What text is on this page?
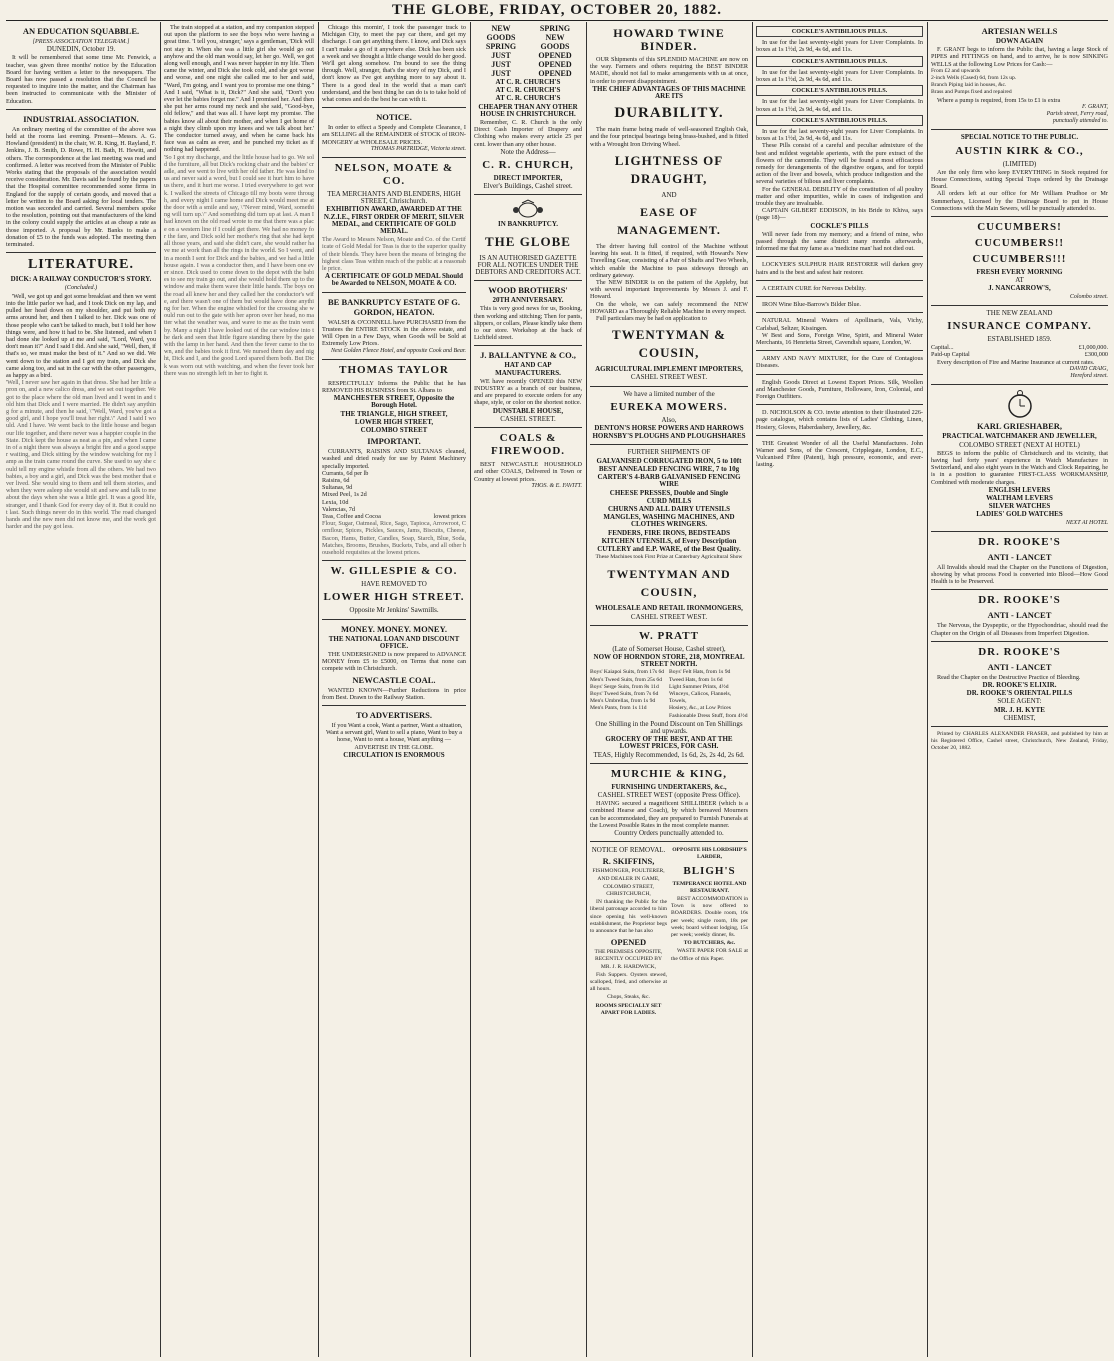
THE GLOBE, FRIDAY, OCTOBER 20, 1882.
AN EDUCATION SQUABBLE.
[PRESS ASSOCIATION TELEGRAM.]
DUNEDIN, October 19.

It will be remembered that some time Mr. Fenwick, a teacher, was given three months' notice by the Education Board for having written a letter to the newspapers. The Board has now passed a resolution that the Council be requested to inquire into the matter, and the Chairman has been instructed to communicate with the Minister of Education.

INDUSTRIAL ASSOCIATION.

An ordinary meeting of the committee of the above was held at the rooms last evening. Present—Messrs. A. G. Howland (president) in the chair, W. R. King, H. Rayland, F. Jenkins, J. B. Smith, D. Rowe, H. H. Bath, H. Hewitt, and others. The correspondence at the last meeting was read and confirmed. A letter was received from the Minister of Public Works stating that the proposals of the association would receive consideration. Mr. Davis said he found by the papers that the Hospital committee recommended some firms in England for the supply of certain goods, and moved that a letter be written to the Board asking for local tenders. The motion was seconded and carried. Several members spoke to the resolution, pointing out that manufacturers of the kind in the colony could supply the articles at as cheap a rate as those imported. A proposal by Mr. Banks to make a donation of £5 to the funds was adopted. The meeting then terminated.

LITERATURE.
DICK: A RAILWAY CONDUCTOR'S STORY.
(Concluded.)

'Well, we got up and got some breakfast and then we went into the little parlor we had, and I took Dick on my lap, and pulled her head down on my shoulder, and put both my arms around her, and then I talked to her. Dick was one of those people who can't be talked to much, but I told her how things were, and how it had to be. She listened, and when I had done she looked up at me and said, "Lord, Ward, you don't mean it?" And I said I did. And she said, "Well, then, if that's so, we must make the best of it." And so we did. We went down to the station and I got my train, and Dick she came along too, and sat in the car with the other passengers, as happy as a bird.

'Well, I never saw her again in that dress. She had her little apron on, and a new calico dress, and we set out together. We got to the place where the old man lived and I went in and told him that Dick and I were married. He didn't say anything for a minute, and then he said, \"Well, Ward, you've got a good girl, and I hope you'll treat her right.\" And I said I would. And I have. We went back to the little house and began our life together, and there never was a happier couple in the State. Dick kept the house as neat as a pin, and when I came in of a night there was always a bright fire and a good supper waiting, and Dick sitting by the window watching for my lamp as the train came round the curve. She used to say she could tell my engine whistle from all the others. We had two babies, a boy and a girl, and Dick was the best mother that ever lived. She would sing to them and tell them stories, and when they were asleep she would sit and sew and talk to me about the days when she was a little girl. It was a good life, stranger, and I thank God for every day of it. But it could not last. Such things never do in this world. The road changed hands and the new men did not know me, and the work got harder and the pay got less.

The train stopped at a station, and my companion stepped out upon the platform to see the boys who were having a great time. 'I tell you, stranger,' says a gentleman, 'Dick will not stay in. When she was a little girl she would go out anyhow and the old man would say, let her go. Well, we got along well enough, and I was never happier in my life. Then came the winter, and Dick she took cold, and she got worse and worse, and one night she called me to her and said, "Ward, I'm going, and I want you to promise me one thing." And I said, "What is it, Dick?" And she said, "Don't you ever let the babies forget me." And I promised her. And then she put her arms round my neck and she said, "Good-bye, old fellow," and that was all. I have kept my promise. The babies know all about their mother, and when I get home of a night they climb upon my knees and we talk about her.' The conductor turned away, and when he came back his face was as calm as ever, and he punched my ticket as if nothing had happened.

'So I got my discharge, and the little house had to go. We sold the furniture, all but Dick's rocking chair and the babies' cradle, and we went to live with her old father. He was kind to us and never said a word, but I could see it hurt him to have us there, and it hurt me worse. I tried everywhere to get work. I walked the streets of Chicago till my boots were through, and every night I came home and Dick would meet me at the door with a smile and say, \"Never mind, Ward, something will turn up.\" And something did turn up at last. A man I had known on the old road wrote to me that there was a place on a western line if I could get there. We had no money for the fare, and Dick sold her mother's ring that she had kept all those years, and said she didn't care, she would rather have me at work than all the rings in the world. So I went, and in a month I sent for Dick and the babies, and we had a little house again. I was a conductor then, and I have been one ever since. Dick used to come down to the depot with the babies to see my train go out, and she would hold them up to the window and make them wave their little hands. The boys on the road all knew her and they called her the conductor's wife, and there wasn't one of them but would have done anything for her. When the engine whistled for the crossing she would run out to the gate with her apron over her head, no matter what the weather was, and wave to me as the train went by. Many a night I have looked out of the car window into the dark and seen that little figure standing there by the gate with the lamp in her hand. And then the fever came to the town, and the babies took it first. We nursed them day and night, Dick and I, and the good Lord spared them both. But Dick was worn out with watching, and when the fever took her there was no strength left in her to fight it.

Chicago this mornin', I took the passenger track to Michigan City, to meet the pay car there, and get my discharge. I can get anything there. I know, and Dick says I can't make a go of it anywhere else. Dick has been sick a week and we thought a little change would do her good. We'll get along somehow. I'm bound to see the thing through. Well, stranger, that's the story of my Dick, and I don't know as I've got anything more to say about it. There is a good deal in the world that a man can't understand, and the best thing he can do is to take hold of what comes and do the best he can with it.

NOTICE.

In order to effect a Speedy and Complete Clearance, I am SELLING all the REMAINDER of STOCK of IRON-MONGERY at WHOLESALE PRICES.

THOMAS PARTRIDGE, Victoria street.
NELSON, MOATE & CO.
TEA MERCHANTS AND BLENDERS, HIGH STREET, Christchurch.
EXHIBITION AWARD, AWARDED AT THE N.Z.I.E., FIRST ORDER OF MERIT, SILVER MEDAL, and CERTIFICATE OF GOLD MEDAL.

The Award to Messrs Nelson, Moate and Co. of the Certificate of Gold Medal for Teas is due to the superior quality of their blends. They have been the means of bringing the highest class Teas within reach of the public at a reasonable price.

A CERTIFICATE OF GOLD MEDAL Should be Awarded to NELSON, MOATE & CO.
BE BANKRUPTCY ESTATE OF G. GORDON, HEATON.

WALSH & O'CONNELL have PURCHASED from the Trustees the ENTIRE STOCK in the above estate, and Will Open in a Few Days, when Goods will be Sold at Extremely Low Prices.

Next Golden Fleece Hotel, and opposite Cook and Bear.
THOMAS TAYLOR

RESPECTFULLY Informs the Public that he has REMOVED HIS BUSINESS from St. Albans to

MANCHESTER STREET, Opposite the Borough Hotel.
THE TRIANGLE, HIGH STREET,
LOWER HIGH STREET,
COLOMBO STREET
IMPORTANT.

CURRANTS, RAISINS AND SULTANAS cleaned, washed and dried ready for use by Patent Machinery specially imported.

Currants, 6d per lb
Raisins, 6d
Sultanas, 9d
Mixed Peel, 1s 2d
Lexia, 10d
Valencias, 7d
Teas, Coffee and Cocoa	lowest prices

Flour, Sugar, Oatmeal, Rice, Sago, Tapioca, Arrowroot, Cornflour, Spices, Pickles, Sauces, Jams, Biscuits, Cheese, Bacon, Hams, Butter, Candles, Soap, Starch, Blue, Soda, Matches, Brooms, Brushes, Buckets, Tubs, and all other household requisites at the lowest prices.

W. GILLESPIE & CO.
HAVE REMOVED TO
LOWER HIGH STREET.
Opposite Mr Jenkins' Sawmills.
MONEY. MONEY. MONEY.
THE NATIONAL LOAN AND DISCOUNT OFFICE.

THE UNDERSIGNED is now prepared to ADVANCE MONEY from £5 to £5000, on Terms that none can compete with in Christchurch.

NEWCASTLE COAL.

WANTED KNOWN—Further Reductions in price from Best. Drawn to the Railway Station.

TO ADVERTISERS.

If you Want a cook, Want a partner, Want a situation, Want a servant girl, Want to sell a piano, Want to buy a horse, Want to rent a house, Want anything — ADVERTISE IN THE GLOBE.

CIRCULATION IS ENORMOUS
NEW	SPRING
GOODS	NEW
SPRING	GOODS
JUST	OPENED
JUST	OPENED
JUST	OPENED
AT C. R. CHURCH'S
AT C. R. CHURCH'S
AT C. R. CHURCH'S
CHEAPER THAN ANY OTHER HOUSE IN CHRISTCHURCH.

Remember, C. R. Church is the only Direct Cash Importer of Drapery and Clothing who makes every article 25 per cent. lower than any other house.

Note the Address—
C. R. CHURCH,
DIRECT IMPORTER,
Elver's Buildings, Cashel street.
IN BANKRUPTCY.
THE GLOBE
IS AN AUTHORISED GAZETTE FOR ALL NOTICES UNDER THE DEBTORS AND CREDITORS ACT.
WOOD BROTHERS'
20TH ANNIVERSARY.

This is very good news for us, Booking, then working and stitching; Then for pants, slippers, or collars, Please kindly take them to our store. Workshop at the back of Lichfield street.

J. BALLANTYNE & CO.,
HAT AND CAP MANUFACTURERS.

WE have recently OPENED this NEW INDUSTRY as a branch of our business, and are prepared to execute orders for any shape, style, or color on the shortest notice.

DUNSTABLE HOUSE,
CASHEL STREET.
COALS & FIREWOOD.

BEST NEWCASTLE HOUSEHOLD and other COALS, Delivered in Town or Country at lowest prices.

THOS. & E. FAVITT.
HOWARD TWINE BINDER.

OUR Shipments of this SPLENDID MACHINE are now on the way. Farmers and others requiring the BEST BINDER MADE, should not fail to make arrangements with us at once, in order to prevent disappointment.

THE CHIEF ADVANTAGES OF THIS MACHINE ARE ITS
DURABILITY.

The main frame being made of well-seasoned English Oak, and the four principal bearings being brass-bushed, and is fitted with a Wrought Iron Driving Wheel.

LIGHTNESS OF DRAUGHT,
AND
EASE OF MANAGEMENT.

The driver having full control of the Machine without leaving his seat. It is fitted, if required, with Howard's New Travelling Gear, consisting of a Pair of Shafts and Two Wheels, which enable the Machine to pass sideways through an ordinary gateway.

The NEW BINDER is on the pattern of the Appleby, but with several important Improvements by Messrs J. and F. Howard.

On the whole, we can safely recommend the NEW HOWARD as a Thoroughly Reliable Machine in every respect.

Full particulars may be had on application to

TWENTYMAN & COUSIN,
AGRICULTURAL IMPLEMENT IMPORTERS,
CASHEL STREET WEST.
We have a limited number of the
EUREKA MOWERS.
Also,
DENTON'S HORSE POWERS AND HARROWS
HORNSBY'S PLOUGHS AND PLOUGHSHARES
FURTHER SHIPMENTS OF
GALVANISED CORRUGATED IRON, 5 to 10ft
BEST ANNEALED FENCING WIRE, 7 to 10g
CARTER'S 4-BARB GALVANISED FENCING WIRE
CHEESE PRESSES, Double and Single
CURD MILLS
CHURNS AND ALL DAIRY UTENSILS
MANGLES, WASHING MACHINES, AND CLOTHES WRINGERS.
FENDERS, FIRE IRONS, BEDSTEADS
KITCHEN UTENSILS, of Every Description
CUTLERY and E.P. WARE, of the Best Quality.
These Machines took First Prize at Canterbury Agricultural Show
TWENTYMAN AND COUSIN,
WHOLESALE AND RETAIL IRONMONGERS,
CASHEL STREET WEST.
W. PRATT
(Late of Somerset House, Cashel street),
NOW OF HORNDON STORE, 218, MONTREAL STREET NORTH.
Boys' Kaiapoi Suits, from 17s 6d
Men's Tweed Suits, from 25s 6d
Boys' Serge Suits, from 8s 11d
Boys' Tweed Suits, from 7s 6d
Men's Umbrellas, from 1s 9d
Men's Pants, from 1s 11d
Boys' Felt Hats, from 1s 9d
Tweed Hats, from 1s 6d
Light Summer Prints, 4½d
Winceys, Calicos, Flannels, Towels,
Hosiery, &c., at Low Prices
Fashionable Dress Stuff, from 4½d
One Shilling in the Pound Discount on Ten Shillings and upwards.
GROCERY OF THE BEST, AND AT THE LOWEST PRICES, FOR CASH.
TEAS, Highly Recommended, 1s 6d, 2s, 2s 4d, 2s 6d.
MURCHIE & KING,
FURNISHING UNDERTAKERS, &c.,
CASHEL STREET WEST (opposite Press Office).

HAVING secured a magnificent SHILLIBEER (which is a combined Hearse and Coach), by which bereaved Mourners can be accommodated, they are prepared to Furnish Funerals at the Lowest Possible Rates in the most complete manner.

Country Orders punctually attended to.
NOTICE OF REMOVAL.
R. SKIFFINS,
FISHMONGER, POULTERER, AND DEALER IN GAME,
COLOMBO STREET, CHRISTCHURCH,

IN thanking the Public for the liberal patronage accorded to him since opening his well-known establishment, the Proprietor begs to announce that he has also

OPENED
THE PREMISES OPPOSITE, RECENTLY OCCUPIED BY MR. J. R. HARDWICK,

Fish Suppers. Oysters stewed, scalloped, fried, and otherwise at all hours.

Chops, Steaks, &c.
ROOMS SPECIALLY SET APART FOR LADIES.
OPPOSITE HIS LORDSHIP'S LARDER,
BLIGH'S
TEMPERANCE HOTEL AND RESTAURANT.

BEST ACCOMMODATION in Town is now offered to BOARDERS. Double room, 16s per week; single room, 18s per week; board without lodging, 15s per week; weekly dinner, 8s.

TO BUTCHERS, &c.

WASTE PAPER FOR SALE at the Office of this Paper.

COCKLE'S ANTIBILIOUS PILLS.

In use for the last seventy-eight years for Liver Complaints. In boxes at 1s 1½d, 2s 9d, 4s 6d, and 11s.

COCKLE'S ANTIBILIOUS PILLS.

In use for the last seventy-eight years for Liver Complaints. In boxes at 1s 1½d, 2s 9d, 4s 6d, and 11s.

COCKLE'S ANTIBILIOUS PILLS.

In use for the last seventy-eight years for Liver Complaints. In boxes at 1s 1½d, 2s 9d, 4s 6d, and 11s.

COCKLE'S ANTIBILIOUS PILLS.

In use for the last seventy-eight years for Liver Complaints. In boxes at 1s 1½d, 2s 9d, 4s 6d, and 11s.

These Pills consist of a careful and peculiar admixture of the best and mildest vegetable aperients, with the pure extract of the flowers of the camomile. They will be found a most efficacious remedy for derangements of the digestive organs, and for torpid action of the liver and bowels, which produce indigestion and the several varieties of bilious and liver complaints.

For the GENERAL DEBILITY of the constitution of all poultry matter and other impurities, while in cases of indigestion and trouble they are invaluable.

CAPTAIN GILBERT EDDISON, in his Bride to Khiva, says (page 18)—

COCKLE'S PILLS

Will never fade from my memory; and a friend of mine, who passed through the same district many months afterwards, informed me that my fame as a 'medicine man' had not died out.

LOCKYER'S SULPHUR HAIR RESTORER will darken grey hairs and is the best and safest hair restorer.

A CERTAIN CURE for Nervous Debility.

IRON Wine Blue-Barrow's Bilder Blue.

NATURAL Mineral Waters of Apollinaris, Vals, Vichy, Carlsbad, Seltzer, Kissingen.

W Best and Sons, Foreign Wine, Spirit, and Mineral Water Merchants, 16 Henrietta Street, Cavendish square, London, W.

ARMY AND NAVY MIXTURE, for the Cure of Contagious Diseases.

English Goods Direct at Lowest Export Prices. Silk, Woollen and Manchester Goods, Furniture, Holloware, Iron, Colonial, and Foreign Outfitters.

D. NICHOLSON & CO. invite attention to their illustrated 226-page catalogue, which contains lists of Ladies' Clothing, Linen, Hosiery, Gloves, Haberdashery, Jewellery, &c.

THE Greatest Wonder of all the Useful Manufactures. John Warner and Sons, of the Crescent, Cripplegate, London, E.C., Vulcanised Fibre (Patent), high pressure, economic, and ever-lasting.

ARTESIAN WELLS
DOWN AGAIN

F. GRANT begs to inform the Public that, having a large Stock of PIPES and FITTINGS on hand, and to arrive, he is now SINKING WELLS at the following Low Prices for Cash:—

From £2 and upwards
2-inch Wells (Cased) 6d, from 12s up.
Branch Piping laid in houses, &c.
Brass and Pumps fixed and repaired

Where a pump is required, from 15s to £1 is extra

F. GRANT,
Parish street, Ferry road,
punctually attended to.
SPECIAL NOTICE TO THE PUBLIC.
AUSTIN KIRK & CO.,
(LIMITED)

Are the only firm who keep EVERYTHING in Stock required for House Connections, suiting Special Traps ordered by the Drainage Board.

All orders left at our office for Mr William Prudhoe or Mr Summerhays, Licensed by the Drainage Board to put in House Connections with the Main Sewers, will be punctually attended to.

CUCUMBERS!
CUCUMBERS!!
CUCUMBERS!!!
FRESH EVERY MORNING
AT
J. NANCARROW'S,
Colombo street.
THE NEW ZEALAND
INSURANCE COMPANY.
ESTABLISHED 1859.
Capital...	£1,000,000.
Paid-up Capital	£300,000

Every description of Fire and Marine Insurance at current rates.

DAVID CRAIG,
Hereford street.
KARL GRIESHABER,
PRACTICAL WATCHMAKER AND JEWELLER,
COLOMBO STREET (NEXT AI HOTEL)

BEGS to inform the public of Christchurch and its vicinity, that having had forty years' experience in Watch Manufacture in Switzerland, and also eight years in the Watch and Clock Repairing, he is in a position to guarantee FIRST-CLASS WORKMANSHIP, Combined with moderate charges.

ENGLISH LEVERS
WALTHAM LEVERS
SILVER WATCHES
LADIES' GOLD WATCHES
NEXT AI HOTEL
DR. ROOKE'S
ANTI - LANCET

All Invalids should read the Chapter on the Functions of Digestion, showing by what process Food is converted into Blood—How Good Health is to be Preserved.

DR. ROOKE'S
ANTI - LANCET

The Nervous, the Dyspeptic, or the Hypochondriac, should read the Chapter on the Origin of all Diseases from Imperfect Digestion.

DR. ROOKE'S
ANTI - LANCET

Read the Chapter on the Destructive Practice of Bleeding.

DR. ROOKE'S ELIXIR.
DR. ROOKE'S ORIENTAL PILLS
SOLE AGENT:
MR. J. H. KYTE
CHEMIST,

Printed by CHARLES ALEXANDER FRASER, and published by him at his Registered Office, Cashel street, Christchurch, New Zealand, Friday, October 20, 1882.
